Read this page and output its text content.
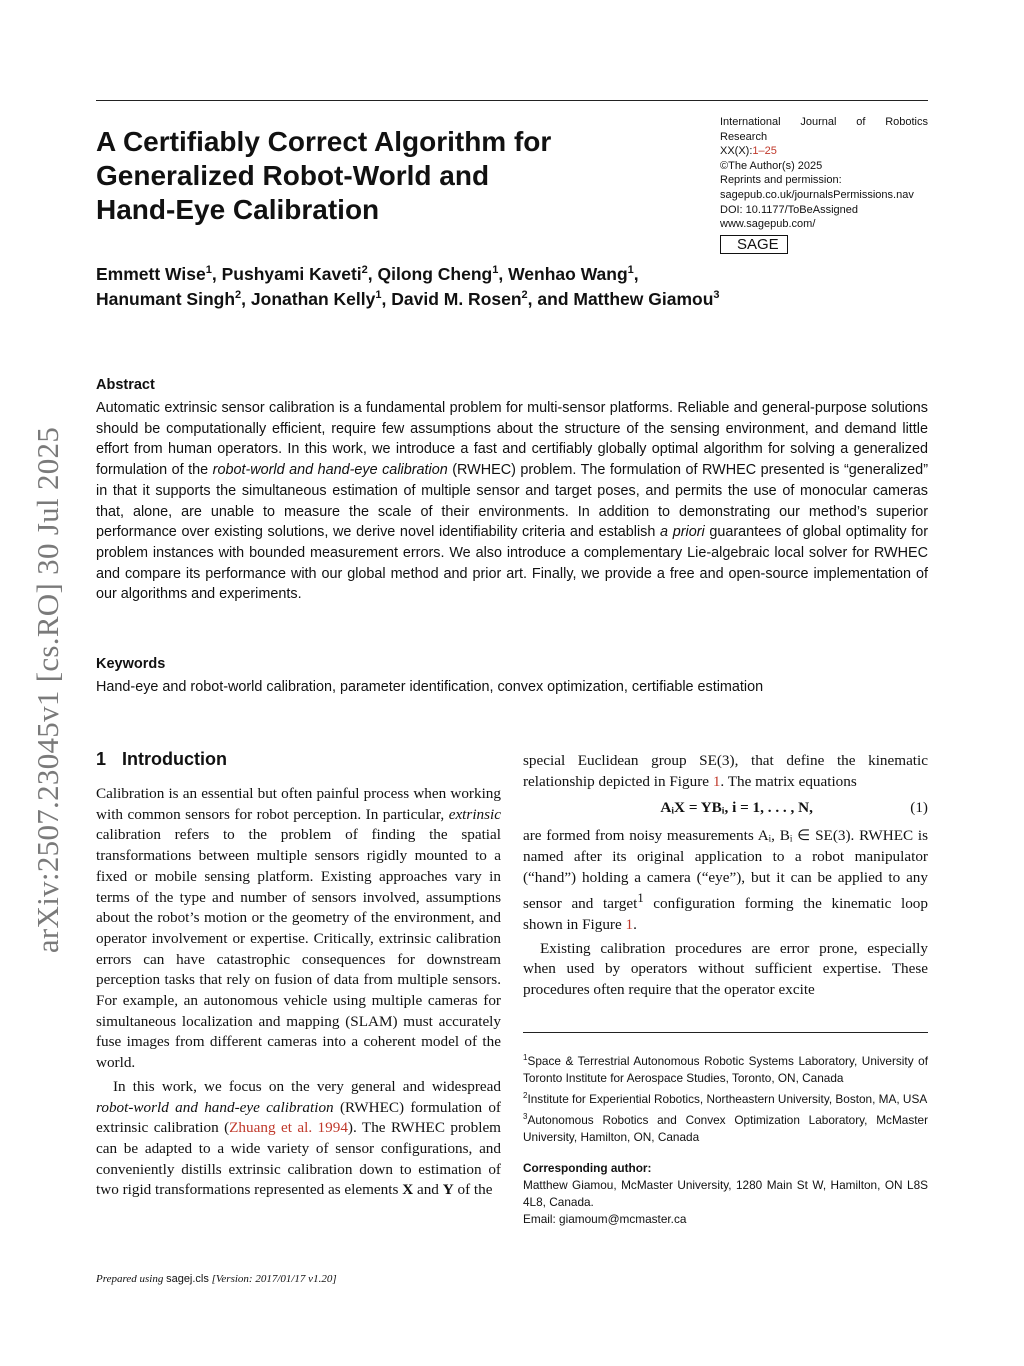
A Certifiably Correct Algorithm for
Generalized Robot-World and
Hand-Eye Calibration
International Journal of Robotics
Research
XX(X):1–25
©The Author(s) 2025
Reprints and permission:
sagepub.co.uk/journalsPermissions.nav
DOI: 10.1177/ToBeAssigned
www.sagepub.com/
SAGE
Emmett Wise$^1$, Pushyami Kaveti$^2$, Qilong Cheng$^1$, Wenhao Wang$^1$,
Hanumant Singh$^2$, Jonathan Kelly$^1$, David M. Rosen$^2$, and Matthew Giamou$^3$
arXiv:2507.23045v1 [cs.RO] 30 Jul 2025
Abstract
Automatic extrinsic sensor calibration is a fundamental problem for multi-sensor platforms. Reliable and general-purpose solutions should be computationally efficient, require few assumptions about the structure of the sensing environment, and demand little effort from human operators. In this work, we introduce a fast and certifiably globally optimal algorithm for solving a generalized formulation of the robot-world and hand-eye calibration (RWHEC) problem. The formulation of RWHEC presented is “generalized” in that it supports the simultaneous estimation of multiple sensor and target poses, and permits the use of monocular cameras that, alone, are unable to measure the scale of their environments. In addition to demonstrating our method’s superior performance over existing solutions, we derive novel identifiability criteria and establish a priori guarantees of global optimality for problem instances with bounded measurement errors. We also introduce a complementary Lie-algebraic local solver for RWHEC and compare its performance with our global method and prior art. Finally, we provide a free and open-source implementation of our algorithms and experiments.
Keywords
Hand-eye and robot-world calibration, parameter identification, convex optimization, certifiable estimation
1 Introduction

Calibration is an essential but often painful process when working with common sensors for robot perception. In particular, extrinsic calibration refers to the problem of finding the spatial transformations between multiple sensors rigidly mounted to a fixed or mobile sensing platform. Existing approaches vary in terms of the type and number of sensors involved, assumptions about the robot’s motion or the geometry of the environment, and operator involvement or expertise. Critically, extrinsic calibration errors can have catastrophic consequences for downstream perception tasks that rely on fusion of data from multiple sensors. For example, an autonomous vehicle using multiple cameras for simultaneous localization and mapping (SLAM) must accurately fuse images from different cameras into a coherent model of the world.

In this work, we focus on the very general and widespread robot-world and hand-eye calibration (RWHEC) formulation of extrinsic calibration (Zhuang et al. 1994). The RWHEC problem can be adapted to a wide variety of sensor configurations, and conveniently distills extrinsic calibration down to estimation of two rigid transformations represented as elements X and Y of the

special Euclidean group SE(3), that define the kinematic relationship depicted in Figure 1. The matrix equations

AᵢX = YBᵢ, i = 1, . . . , N,	(1)

are formed from noisy measurements Aᵢ, Bᵢ ∈ SE(3). RWHEC is named after its original application to a robot manipulator (“hand”) holding a camera (“eye”), but it can be applied to any sensor and target$^1$ configuration forming the kinematic loop shown in Figure 1.

Existing calibration procedures are error prone, especially when used by operators without sufficient expertise. These procedures often require that the operator excite

$^1$Space & Terrestrial Autonomous Robotic Systems Laboratory, University of Toronto Institute for Aerospace Studies, Toronto, ON, Canada

$^2$Institute for Experiential Robotics, Northeastern University, Boston, MA, USA

$^3$Autonomous Robotics and Convex Optimization Laboratory, McMaster University, Hamilton, ON, Canada

Corresponding author:

Matthew Giamou, McMaster University, 1280 Main St W, Hamilton, ON L8S 4L8, Canada.

Email: giamoum@mcmaster.ca

Prepared using sagej.cls [Version: 2017/01/17 v1.20]
